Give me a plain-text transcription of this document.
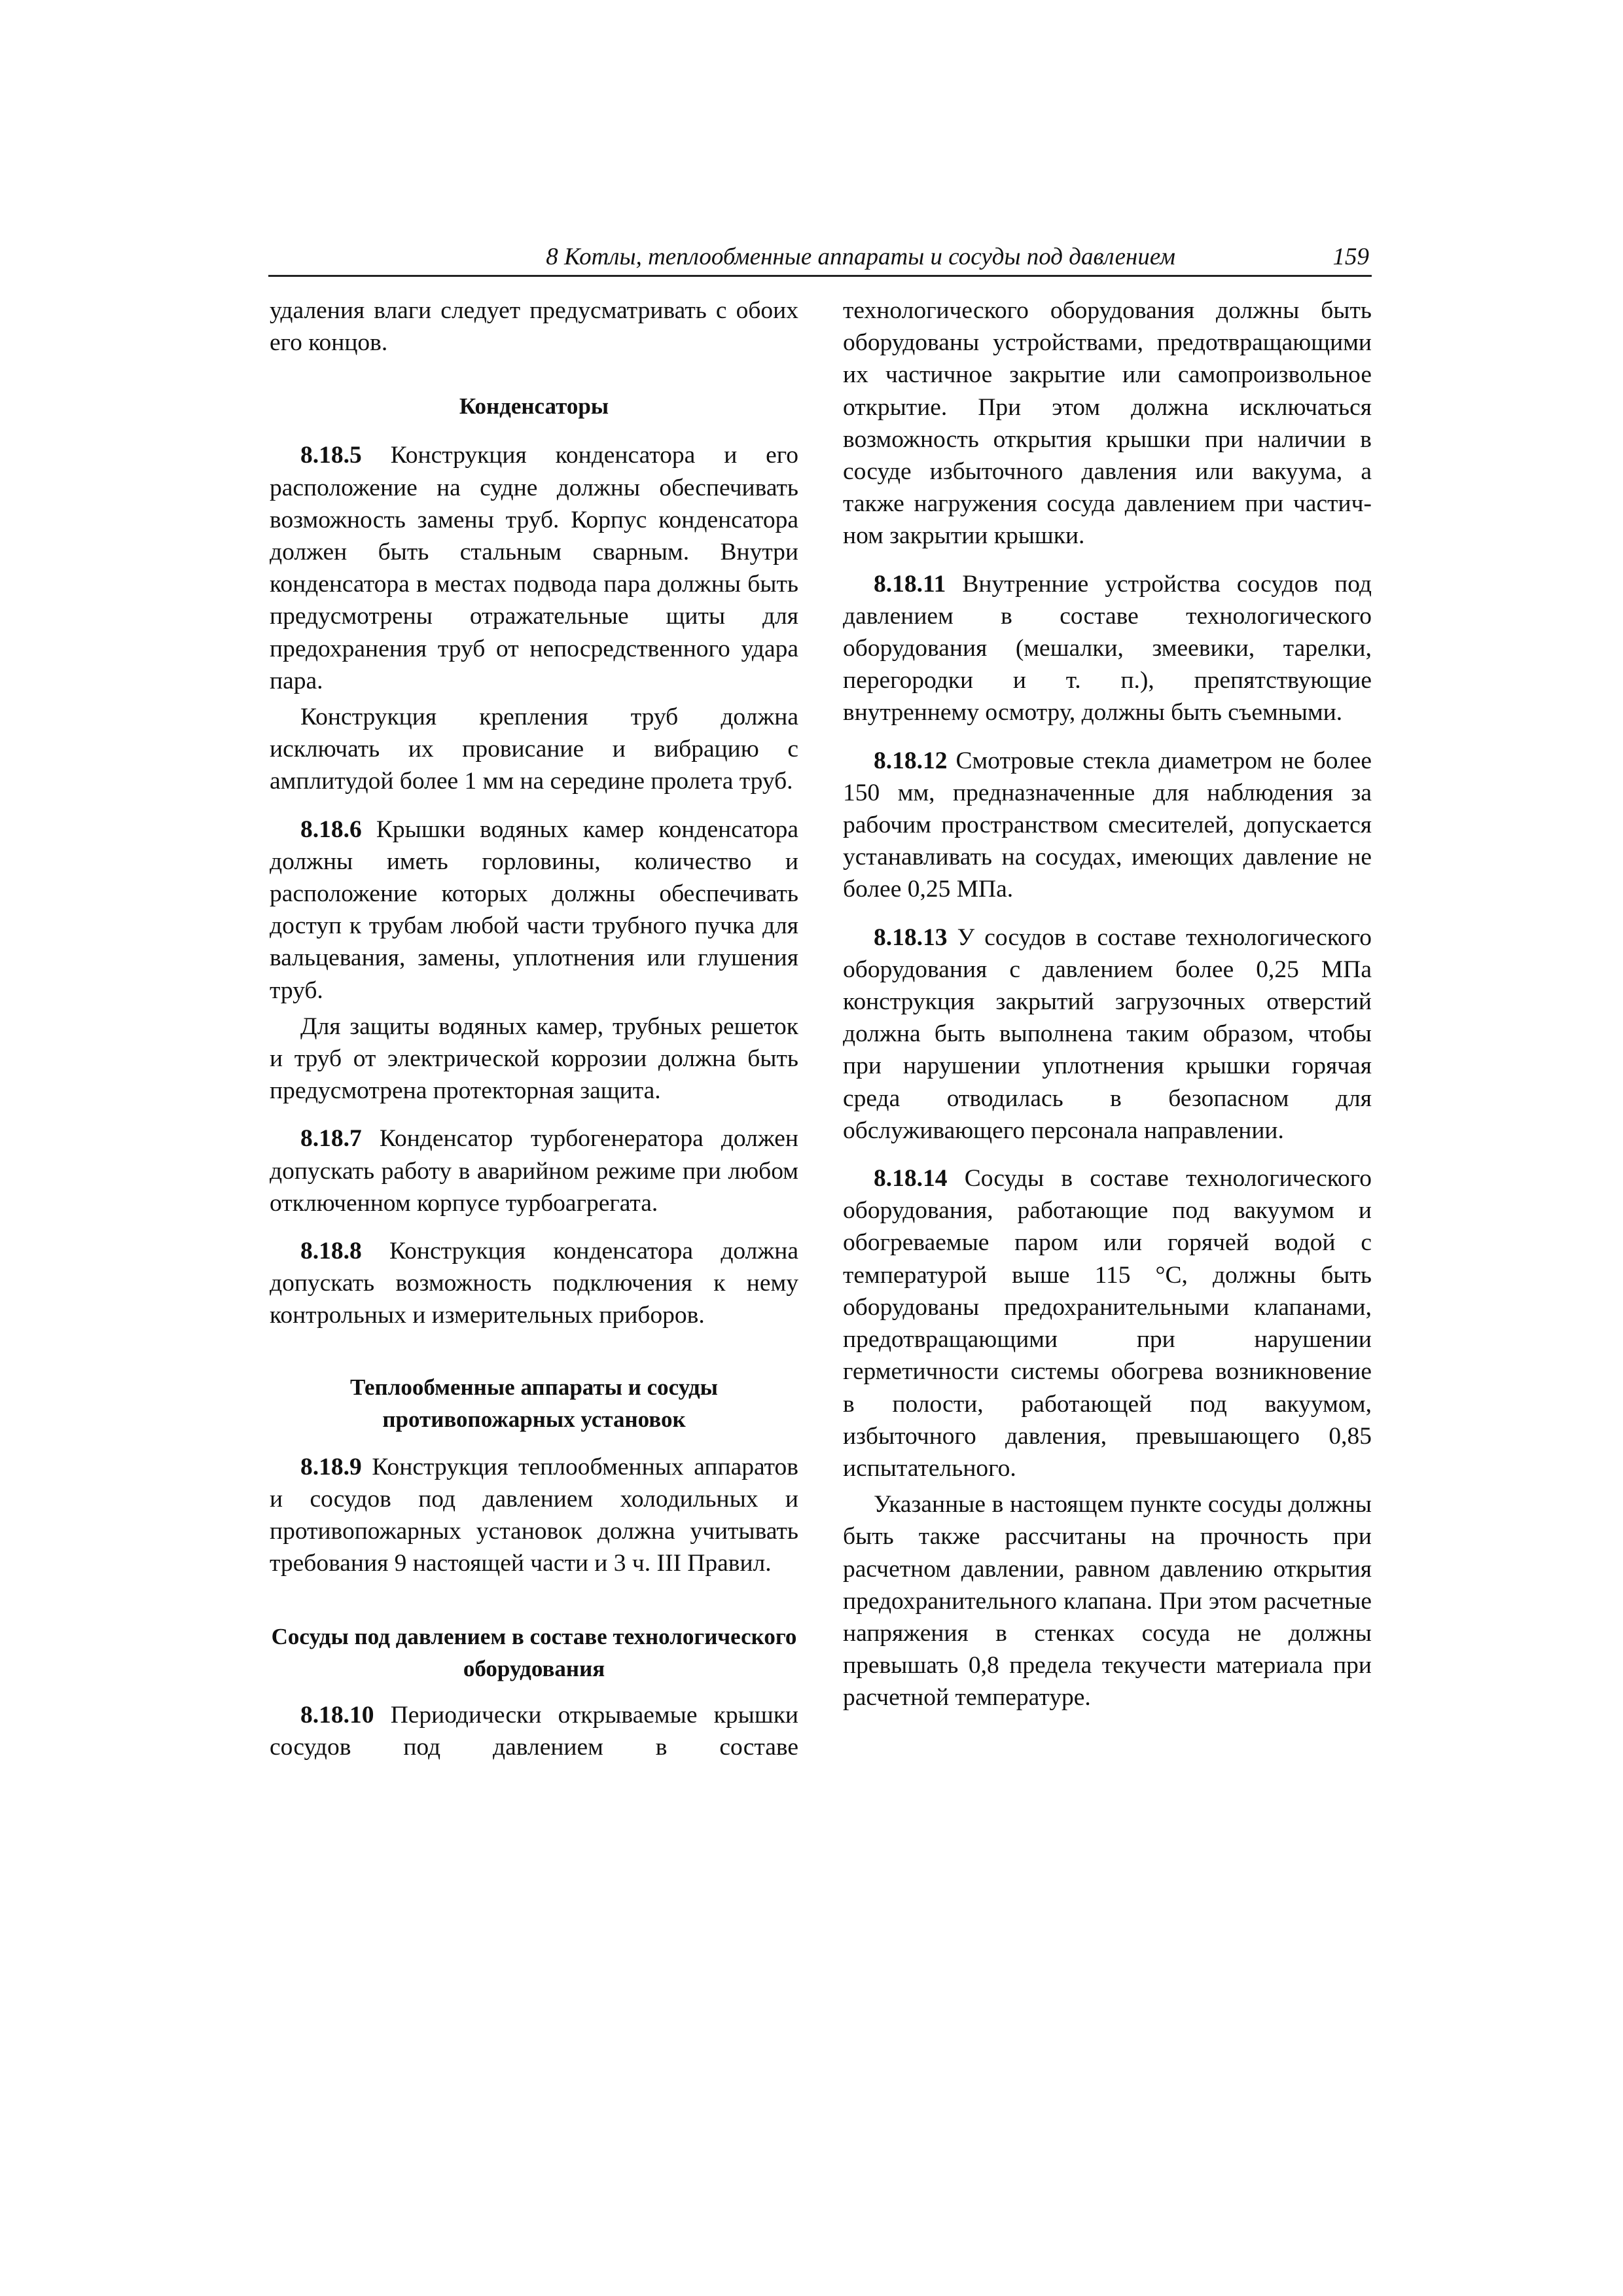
8 Котлы, теплообменные аппараты и сосуды под давлением	159

удаления влаги следует предусматривать с обоих его концов.

Конденсаторы

8.18.5 Конструкция конденсатора и его расположение на судне должны обеспечивать возможность замены труб. Корпус конденсатора должен быть стальным сварным. Внутри конденсатора в местах подвода пара должны быть предусмотрены отражательные щиты для предохранения труб от непосредственного удара пара.

Конструкция крепления труб должна исключать их провисание и вибрацию с амплитудой более 1 мм на середине пролета труб.

8.18.6 Крышки водяных камер конденсатора должны иметь горловины, количество и расположение которых должны обеспечивать доступ к трубам любой части трубного пучка для вальцевания, замены, уплотнения или глушения труб.

Для защиты водяных камер, трубных решеток и труб от электрической коррозии должна быть предусмотрена протекторная защита.

8.18.7 Конденсатор турбогенератора должен допускать работу в аварийном режиме при любом отключенном корпусе турбоагрегата.

8.18.8 Конструкция конденсатора должна допускать возможность подключения к нему контрольных и измерительных приборов.

Теплообменные аппараты и сосуды противопожарных установок

8.18.9 Конструкция теплообменных аппаратов и сосудов под давлением холодильных и противопожарных установок должна учитывать требования 9 настоящей части и 3 ч. III Правил.

Сосуды под давлением в составе технологического оборудования

8.18.10 Периодически открываемые крышки сосудов под давлением в составе

технологического оборудования должны быть оборудованы устройствами, предотвращающими их частичное закрытие или самопроизвольное открытие. При этом должна исключаться возможность открытия крышки при наличии в сосуде избыточного давления или вакуума, а также нагружения сосуда давлением при частичном закрытии крышки.

8.18.11 Внутренние устройства сосудов под давлением в составе технологического оборудования (мешалки, змеевики, тарелки, перегородки и т. п.), препятствующие внутреннему осмотру, должны быть съемными.

8.18.12 Смотровые стекла диаметром не более 150 мм, предназначенные для наблюдения за рабочим пространством смесителей, допускается устанавливать на сосудах, имеющих давление не более 0,25 МПа.

8.18.13 У сосудов в составе технологического оборудования с давлением более 0,25 МПа конструкция закрытий загрузочных отверстий должна быть выполнена таким образом, чтобы при нарушении уплотнения крышки горячая среда отводилась в безопасном для обслуживающего персонала направлении.

8.18.14 Сосуды в составе технологического оборудования, работающие под вакуумом и обогреваемые паром или горячей водой с температурой выше 115 °С, должны быть оборудованы предохранительными клапанами, предотвращающими при нарушении герметичности системы обогрева возникновение в полости, работающей под вакуумом, избыточного давления, превышающего 0,85 испытательного.

Указанные в настоящем пункте сосуды должны быть также рассчитаны на прочность при расчетном давлении, равном давлению открытия предохранительного клапана. При этом расчетные напряжения в стенках сосуда не должны превышать 0,8 предела текучести материала при расчетной температуре.
